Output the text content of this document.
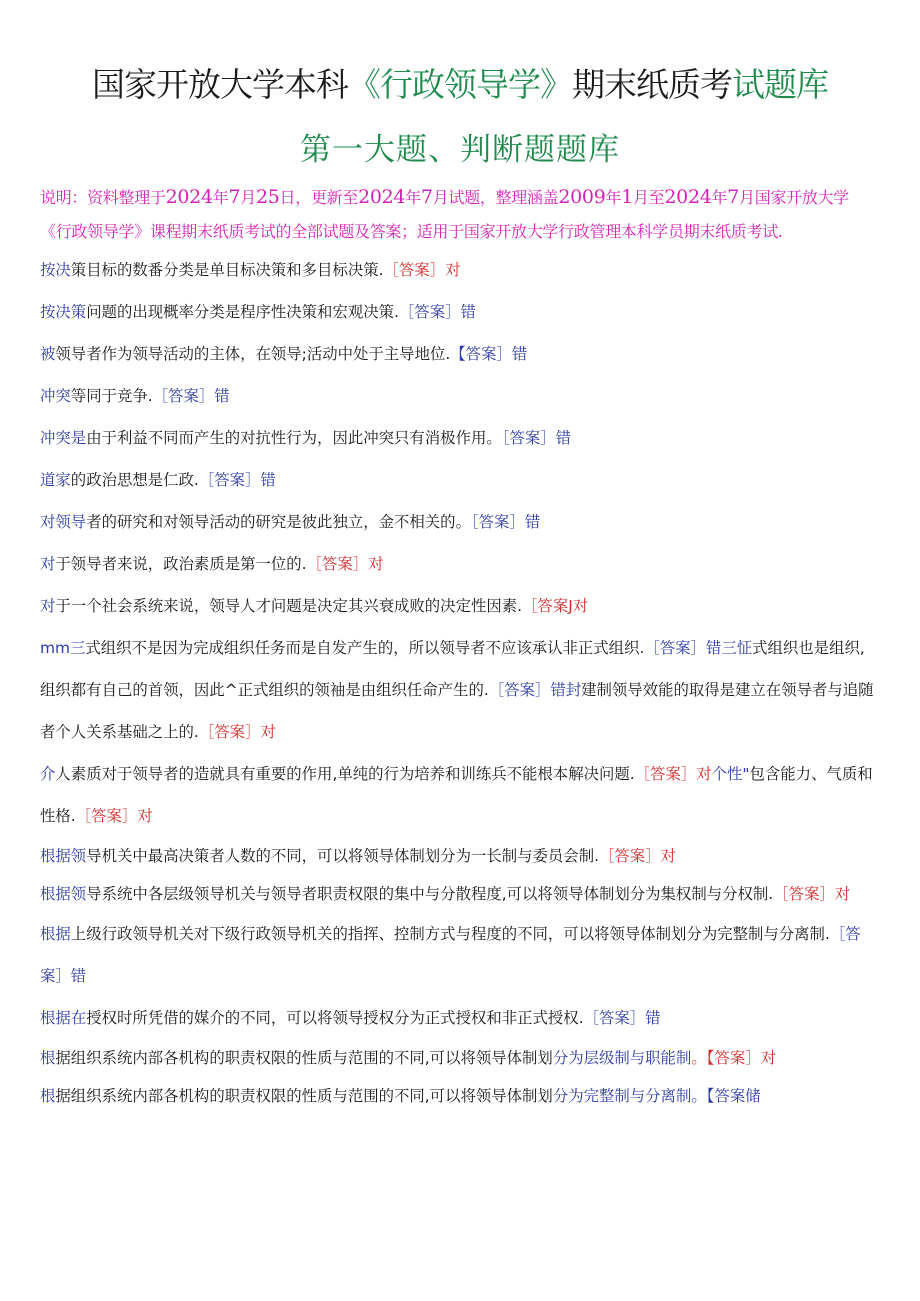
国家开放大学本科《行政领导学》期末纸质考试题库
第一大题、判断题题库

说明：资料整理于2024年7月25日，更新至2024年7月试题，整理涵盖2009年1月至2024年7月国家开放大学《行政领导学》课程期末纸质考试的全部试题及答案；适用于国家开放大学行政管理本科学员期末纸质考试.

按决策目标的数番分类是单目标决策和多目标决策.［答案］对

按决策问题的出现概率分类是程序性决策和宏观决策.［答案］错

被领导者作为领导活动的主体，在领导;活动中处于主导地位.【答案］错

冲突等同于竞争.［答案］错

冲突是由于利益不同而产生的对抗性行为，因此冲突只有消极作用。［答案］错

道家的政治思想是仁政.［答案］错

对领导者的研究和对领导活动的研究是彼此独立，金不相关的。［答案］错

对于领导者来说，政治素质是第一位的.［答案］对

对于一个社会系统来说，领导人才问题是决定其兴衰成败的决定性因素.［答案J对

mm三式组织不是因为完成组织任务而是自发产生的，所以领导者不应该承认非正式组织.［答案］错三怔式组织也是组织,组织都有自己的首领，因此^正式组织的领袖是由组织任命产生的.［答案］错封建制领导效能的取得是建立在领导者与追随者个人关系基础之上的.［答案］对

介人素质对于领导者的造就具有重要的作用,单纯的行为培养和训练兵不能根本解决问题.［答案］对个性"包含能力、气质和性格.［答案］对

根据领导机关中最高决策者人数的不同，可以将领导体制划分为一长制与委员会制.［答案］对

根据领导系统中各层级领导机关与领导者职责权限的集中与分散程度,可以将领导体制划分为集权制与分权制.［答案］对

根据上级行政领导机关对下级行政领导机关的指挥、控制方式与程度的不同，可以将领导体制划分为完整制与分离制.［答案］错

根据在授权时所凭借的媒介的不同，可以将领导授权分为正式授权和非正式授权.［答案］错

根据组织系统内部各机构的职责权限的性质与范围的不同,可以将领导体制划分为层级制与职能制。【答案］对

根据组织系统内部各机构的职责权限的性质与范围的不同,可以将领导体制划分为完整制与分离制。【答案储
